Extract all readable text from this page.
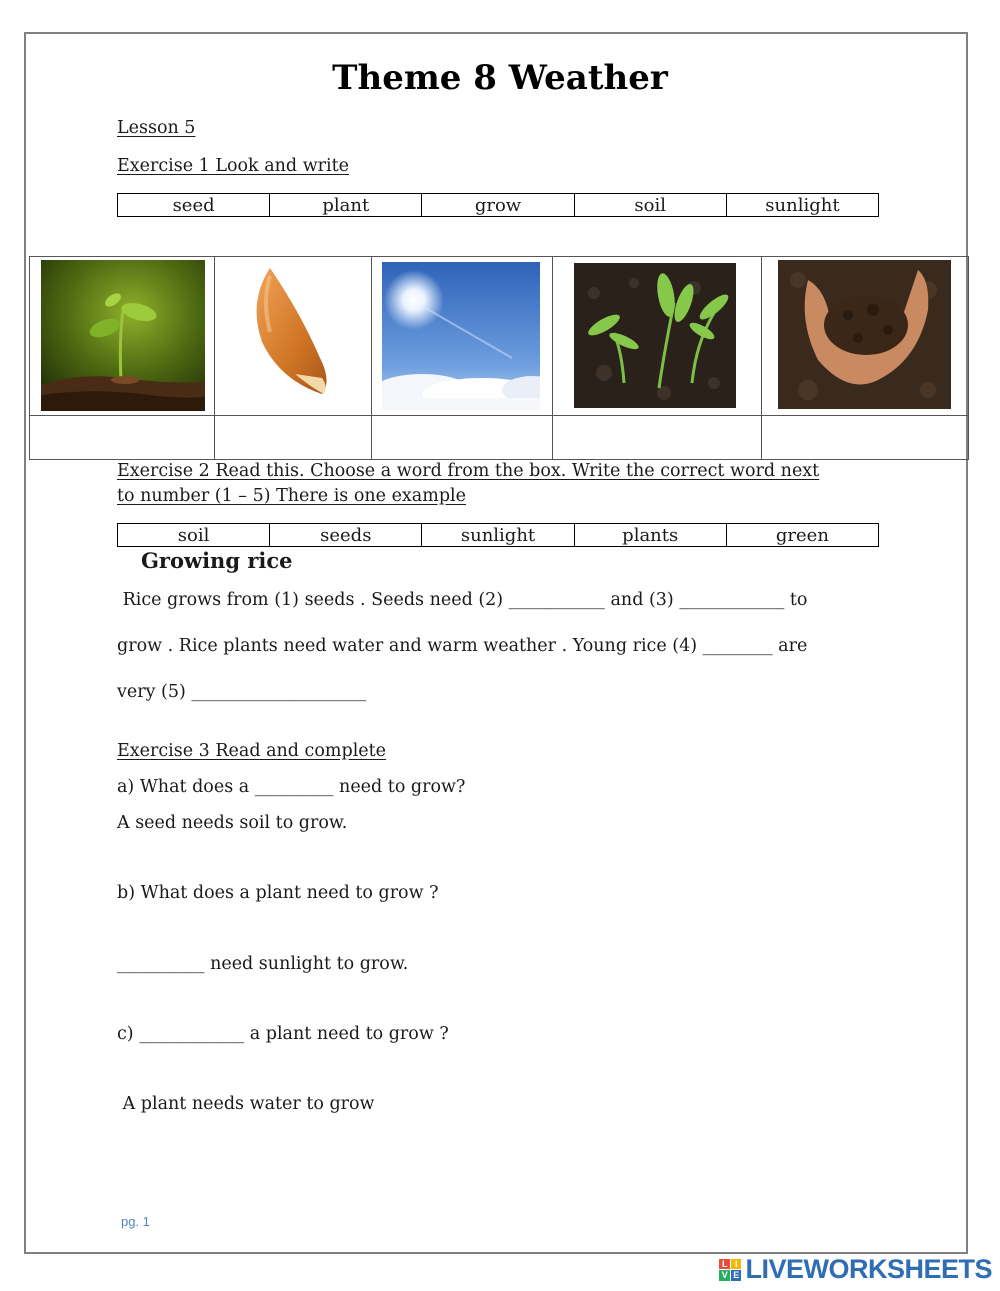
Theme 8 Weather
Lesson 5
Exercise 1 Look and write
seed	plant	grow	soil	sunlight
Exercise 2 Read this. Choose a word from the box. Write the correct word next
to number (1 – 5) There is one example
soil	seeds	sunlight	plants	green
Growing rice
Rice grows from (1) seeds . Seeds need (2) ___________ and (3) ____________ to
grow . Rice plants need water and warm weather . Young rice (4) ________ are
very (5) ____________________
Exercise 3 Read and complete
a) What does a _________ need to grow?
A seed needs soil to grow.
b) What does a plant need to grow ?
__________ need sunlight to grow.
c) ____________ a plant need to grow ?
A plant needs water to grow
pg. 1
L I
V E LIVEWORKSHEETS
